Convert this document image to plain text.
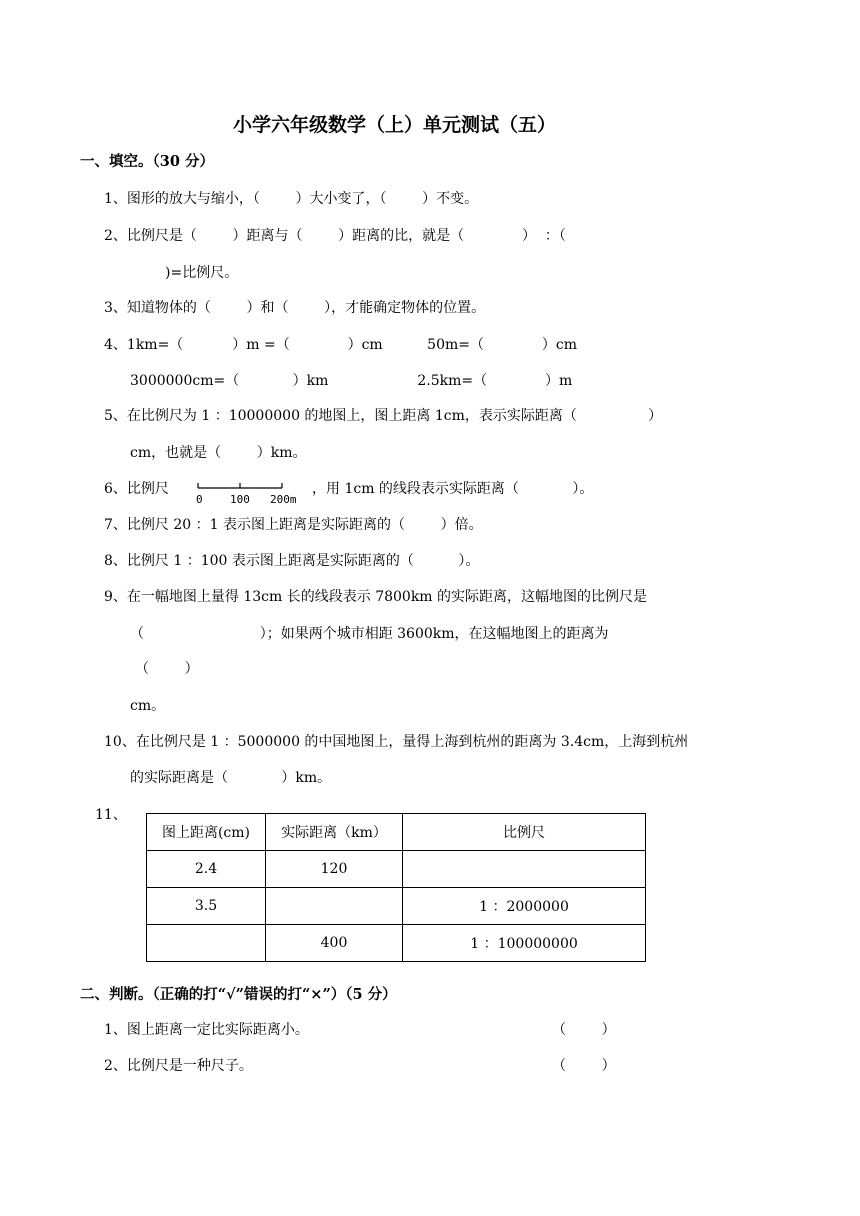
小学六年级数学（上）单元测试（五）
一、填空。（30 分）
1、图形的放大与缩小，（        ）大小变了，（        ）不变。
2、比例尺是（        ）距离与（        ）距离的比，就是（             ）  ：（
)=比例尺。
3、知道物体的（        ）和（        ），才能确定物体的位置。
4、1km=（           ）m =（             ）cm          50m=（             ）cm
3000000cm=（            ）km                    2.5km=（             ）m
5、在比例尺为 1 ：10000000 的地图上，图上距离 1cm，表示实际距离（                ）
cm，也就是（        ）km。
6、比例尺
0 100 200m
，用 1cm 的线段表示实际距离（            ）。
7、比例尺 20 ：1 表示图上距离是实际距离的（        ）倍。
8、比例尺 1 ：100 表示图上距离是实际距离的（          ）。
9、在一幅地图上量得 13cm 长的线段表示 7800km 的实际距离，这幅地图的比例尺是
（                          ）；如果两个城市相距 3600km，在这幅地图上的距离为
（        ）
cm。
10、在比例尺是 1 ：5000000 的中国地图上，量得上海到杭州的距离为 3.4cm，上海到杭州
的实际距离是（            ）km。
11、
图上距离(cm)	实际距离（km）	比例尺
2.4	120	
3.5		1 ：2000000
	400	1 ：100000000
二、判断。（正确的打“√”错误的打“×”）（5 分）
1、图上距离一定比实际距离小。	（        ）
2、比例尺是一种尺子。	（        ）
